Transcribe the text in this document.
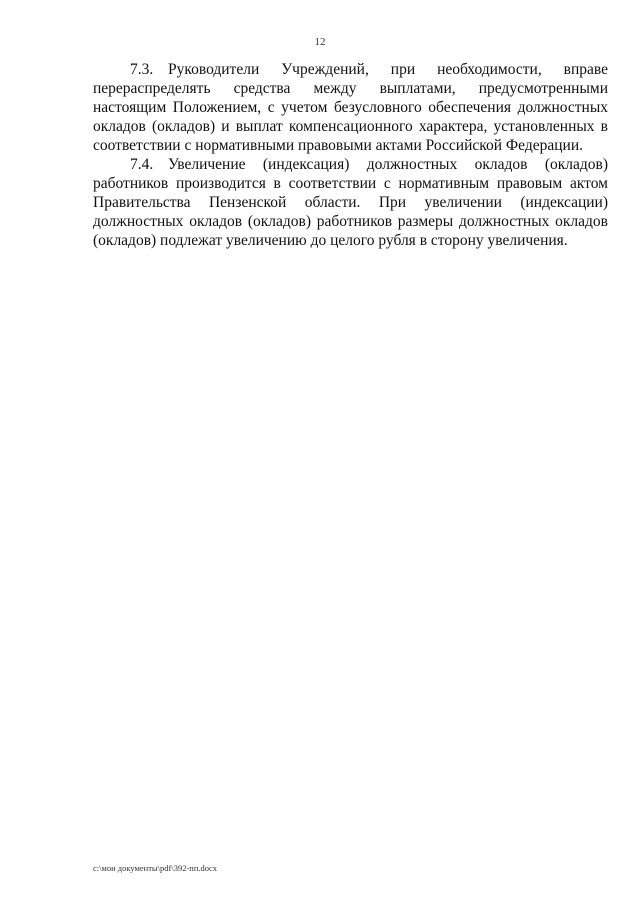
12

7.3. Руководители Учреждений, при необходимости, вправе перераспределять средства между выплатами, предусмотренными настоящим Положением, с учетом безусловного обеспечения должностных окладов (окладов) и выплат компенсационного характера, установленных в соответствии с нормативными правовыми актами Российской Федерации.

7.4. Увеличение (индексация) должностных окладов (окладов) работников производится в соответствии с нормативным правовым актом Правительства Пензенской области. При увеличении (индексации) должностных окладов (окладов) работников размеры должностных окладов (окладов) подлежат увеличению до целого рубля в сторону увеличения.

c:\мои документы\pdf\392-пп.docx
